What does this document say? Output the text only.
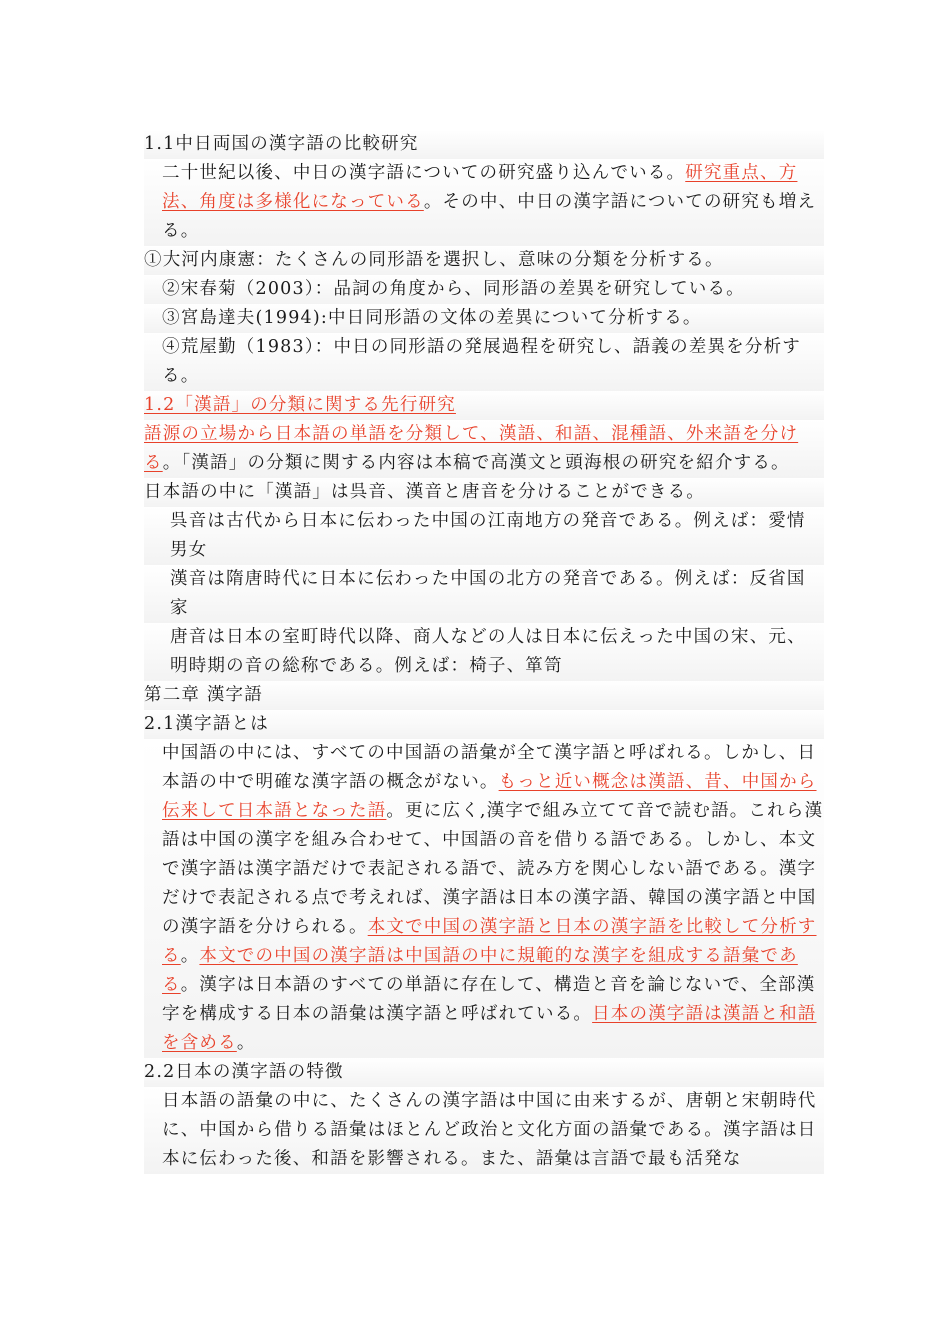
1.1中日両国の漢字語の比較研究

二十世紀以後、中日の漢字語についての研究盛り込んでいる。研究重点、方法、角度は多様化になっている。その中、中日の漢字語についての研究も増える。

①大河内康憲：たくさんの同形語を選択し、意味の分類を分析する。

②宋春菊（2003）：品詞の角度から、同形語の差異を研究している。

③宮島達夫(1994):中日同形語の文体の差異について分析する。

④荒屋勤（1983）：中日の同形語の発展過程を研究し、語義の差異を分析する。

1.2「漢語」の分類に関する先行研究

語源の立場から日本語の単語を分類して、漢語、和語、混種語、外来語を分ける。「漢語」の分類に関する内容は本稿で高漢文と頭海根の研究を紹介する。

日本語の中に「漢語」は呉音、漢音と唐音を分けることができる。

呉音は古代から日本に伝わった中国の江南地方の発音である。例えば：愛情　　男女

漢音は隋唐時代に日本に伝わった中国の北方の発音である。例えば：反省国家

唐音は日本の室町時代以降、商人などの人は日本に伝えった中国の宋、元、明時期の音の総称である。例えば：椅子、箪笥

第二章 漢字語

2.1漢字語とは

中国語の中には、すべての中国語の語彙が全て漢字語と呼ばれる。しかし、日本語の中で明確な漢字語の概念がない。もっと近い概念は漢語、昔、中国から伝来して日本語となった語。更に広く,漢字で組み立てて音で読む語。これら漢語は中国の漢字を組み合わせて、中国語の音を借りる語である。しかし、本文で漢字語は漢字語だけで表記される語で、読み方を関心しない語である。漢字だけで表記される点で考えれば、漢字語は日本の漢字語、韓国の漢字語と中国の漢字語を分けられる。本文で中国の漢字語と日本の漢字語を比較して分析する。本文での中国の漢字語は中国語の中に規範的な漢字を組成する語彙である。漢字は日本語のすべての単語に存在して、構造と音を論じないで、全部漢字を構成する日本の語彙は漢字語と呼ばれている。日本の漢字語は漢語と和語を含める。

2.2日本の漢字語の特徴

日本語の語彙の中に、たくさんの漢字語は中国に由来するが、唐朝と宋朝時代に、中国から借りる語彙はほとんど政治と文化方面の語彙である。漢字語は日本に伝わった後、和語を影響される。また、語彙は言語で最も活発な
